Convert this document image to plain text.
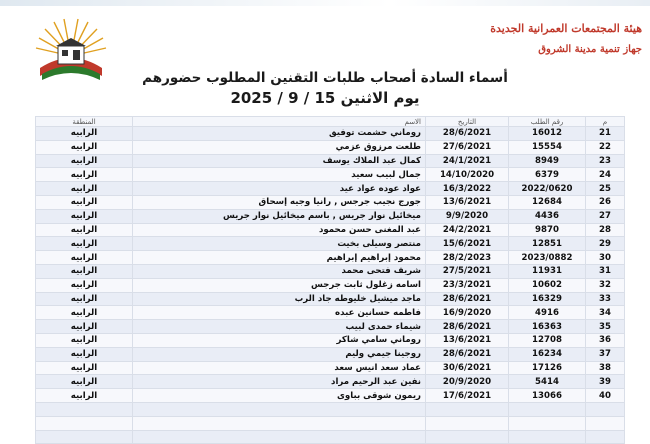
هيئة المجتمعات العمرانية الجديدة
جهاز تنمية مدينة الشروق
أسماء السادة أصحاب طلبات التقنين المطلوب حضورهم
يوم الاثنين 15 / 9 / 2025
م	رقم الطلب	التاريخ	الاسم	المنطقة
21	16012	28/6/2021	روماني حشمت توفيق	الرابيه
22	15554	27/6/2021	طلعت مرزوق عزمي	الرابيه
23	8949	24/1/2021	كمال عبد الملاك يوسف	الرابيه
24	6379	14/10/2020	جمال لبيب سعيد	الرابيه
25	2022/0620	16/3/2022	عواد عوده عواد عيد	الرابيه
26	12684	13/6/2021	جورج نجيب جرجس , رانيا وجيه إسحاق	الرابيه
27	4436	9/9/2020	ميخائيل نوار جريس , باسم ميخائيل نوار جريس	الرابيه
28	9870	24/2/2021	عبد المغنى حسن محمود	الرابيه
29	12851	15/6/2021	منتصر وسيلى بخيت	الرابيه
30	2023/0882	28/2/2023	محمود إبراهيم إبراهيم	الرابيه
31	11931	27/5/2021	شريف فتحى محمد	الرابيه
32	10602	23/3/2021	اسامه زغلول ثابت جرجس	الرابيه
33	16329	28/6/2021	ماجد ميشيل خليوطه جاد الرب	الرابيه
34	4916	16/9/2020	فاطمه حسانين عبده	الرابيه
35	16363	28/6/2021	شيماء حمدى لبيب	الرابيه
36	12708	13/6/2021	روماني سامي شاكر	الرابيه
37	16234	28/6/2021	روجينا جيمي وليم	الرابيه
38	17126	30/6/2021	عماد سعد انيس سعد	الرابيه
39	5414	20/9/2020	نفين عبد الرحيم مراد	الرابيه
40	13066	17/6/2021	ريمون شوقى بباوى	الرابيه
